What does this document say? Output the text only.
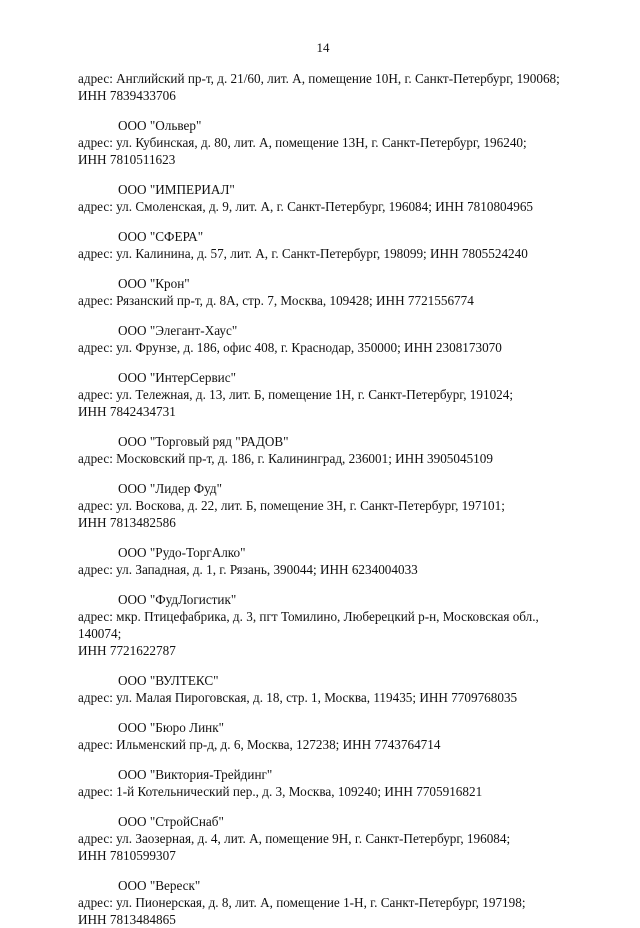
14

адрес: Английский пр-т, д. 21/60, лит. А, помещение 10Н, г. Санкт-Петербург, 190068;

ИНН 7839433706

ООО "Ольвер"

адрес: ул. Кубинская, д. 80, лит. А, помещение 13Н, г. Санкт-Петербург, 196240;

ИНН 7810511623

ООО "ИМПЕРИАЛ"

адрес: ул. Смоленская, д. 9, лит. А, г. Санкт-Петербург, 196084; ИНН 7810804965

ООО "СФЕРА"

адрес: ул. Калинина, д. 57, лит. А, г. Санкт-Петербург, 198099; ИНН 7805524240

ООО "Крон"

адрес: Рязанский пр-т, д. 8А, стр. 7, Москва, 109428; ИНН 7721556774

ООО "Элегант-Хаус"

адрес: ул. Фрунзе, д. 186, офис 408, г. Краснодар, 350000; ИНН 2308173070

ООО "ИнтерСервис"

адрес: ул. Тележная, д. 13, лит. Б, помещение 1Н, г. Санкт-Петербург, 191024;

ИНН 7842434731

ООО "Торговый ряд "РАДОВ"

адрес: Московский пр-т, д. 186, г. Калининград, 236001; ИНН 3905045109

ООО "Лидер Фуд"

адрес: ул. Воскова, д. 22, лит. Б, помещение 3Н, г. Санкт-Петербург, 197101;

ИНН 7813482586

ООО "Рудо-ТоргАлко"

адрес: ул. Западная, д. 1, г. Рязань, 390044; ИНН 6234004033

ООО "ФудЛогистик"

адрес: мкр. Птицефабрика, д. 3, пгт Томилино, Люберецкий р-н, Московская обл.,

140074;

ИНН 7721622787

ООО "ВУЛТЕКС"

адрес: ул. Малая Пироговская, д. 18, стр. 1, Москва, 119435; ИНН 7709768035

ООО "Бюро Линк"

адрес: Ильменский пр-д, д. 6, Москва, 127238; ИНН 7743764714

ООО "Виктория-Трейдинг"

адрес: 1-й Котельнический пер., д. 3, Москва, 109240; ИНН 7705916821

ООО "СтройСнаб"

адрес: ул. Заозерная, д. 4, лит. А, помещение 9Н, г. Санкт-Петербург, 196084;

ИНН 7810599307

ООО "Вереск"

адрес: ул. Пионерская, д. 8, лит. А, помещение 1-Н, г. Санкт-Петербург, 197198;

ИНН 7813484865
